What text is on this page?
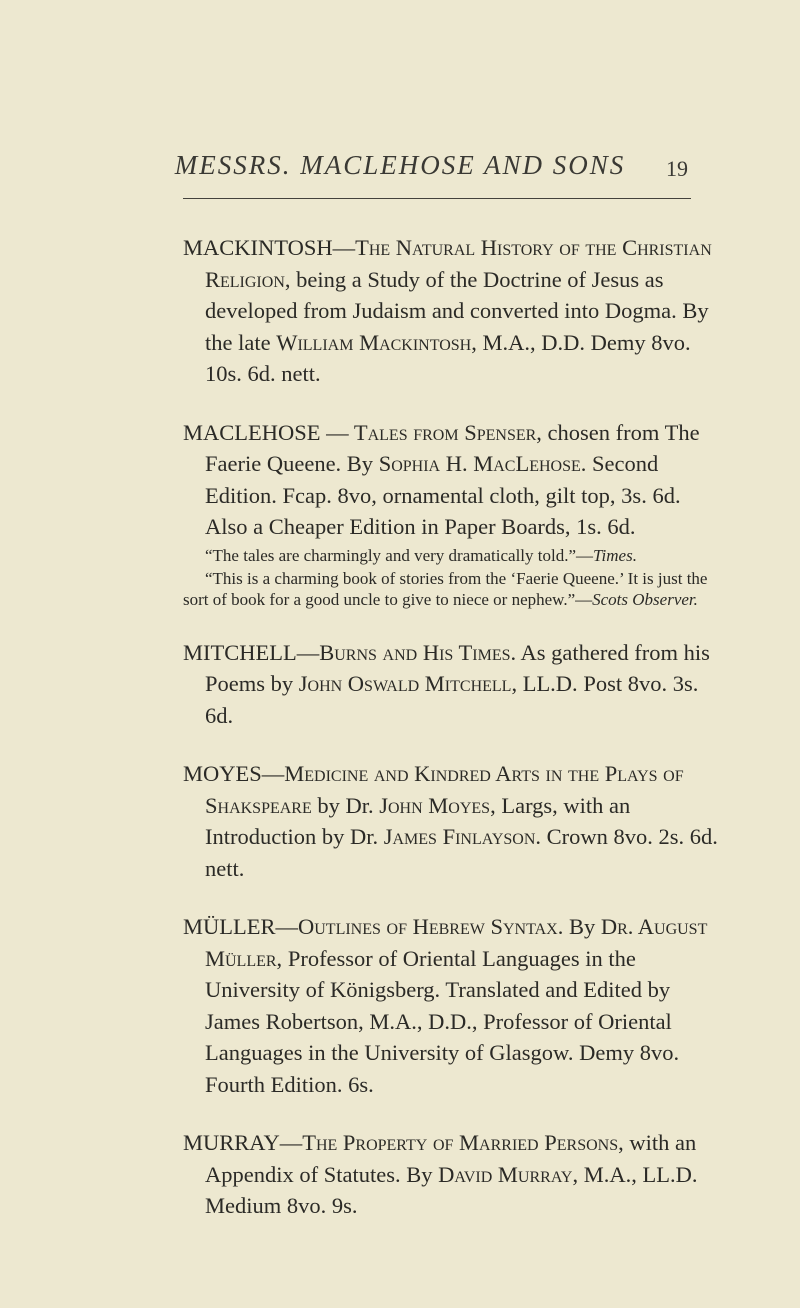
MESSRS. MACLEHOSE AND SONS	19
MACKINTOSH—The Natural History of the Christian Religion, being a Study of the Doctrine of Jesus as developed from Judaism and converted into Dogma. By the late William Mackintosh, M.A., D.D. Demy 8vo. 10s. 6d. nett.
MACLEHOSE — Tales from Spenser, chosen from The Faerie Queene. By Sophia H. MacLehose. Second Edition. Fcap. 8vo, ornamental cloth, gilt top, 3s. 6d. Also a Cheaper Edition in Paper Boards, 1s. 6d.
“The tales are charmingly and very dramatically told.”—Times.
“This is a charming book of stories from the ‘Faerie Queene.’ It is just the sort of book for a good uncle to give to niece or nephew.”—Scots Observer.
MITCHELL—Burns and His Times. As gathered from his Poems by John Oswald Mitchell, LL.D. Post 8vo. 3s. 6d.
MOYES—Medicine and Kindred Arts in the Plays of Shakspeare by Dr. John Moyes, Largs, with an Introduction by Dr. James Finlayson. Crown 8vo. 2s. 6d. nett.
MÜLLER—Outlines of Hebrew Syntax. By Dr. August Müller, Professor of Oriental Languages in the University of Königsberg. Translated and Edited by James Robertson, M.A., D.D., Professor of Oriental Languages in the University of Glasgow. Demy 8vo. Fourth Edition. 6s.
MURRAY—The Property of Married Persons, with an Appendix of Statutes. By David Murray, M.A., LL.D. Medium 8vo. 9s.
